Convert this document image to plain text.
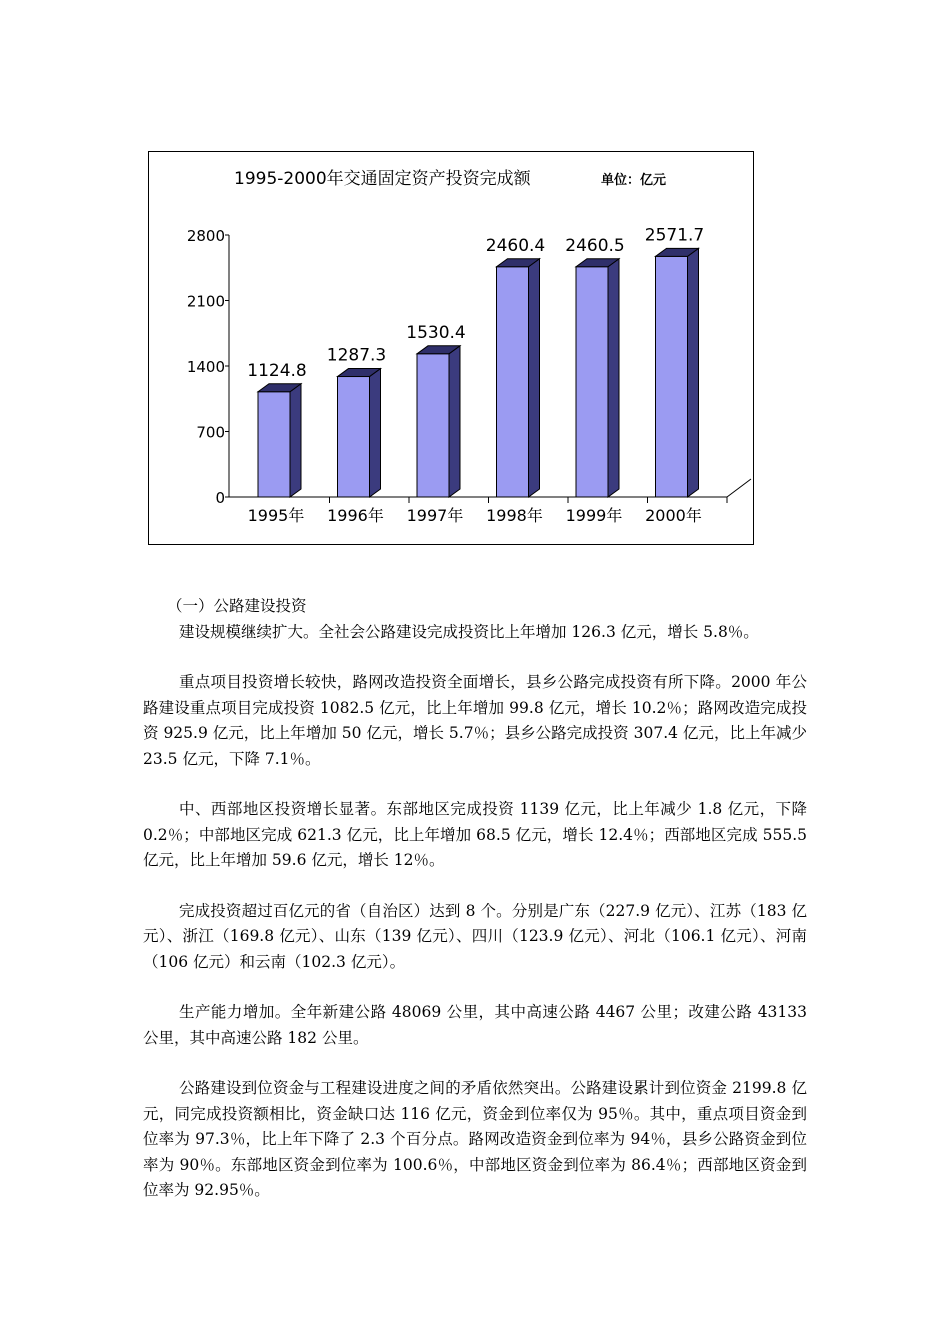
1995-2000年交通固定资产投资完成额	单位：亿元
0
700
1400
2100
2800
1124.8
1995年
1287.3
1996年
1530.4
1997年
2460.4
1998年
2460.5
1999年
2571.7
2000年

（一）公路建设投资

建设规模继续扩大。全社会公路建设完成投资比上年增加 126.3 亿元，增长 5.8％。

重点项目投资增长较快，路网改造投资全面增长，县乡公路完成投资有所下降。2000 年公路建设重点项目完成投资 1082.5 亿元，比上年增加 99.8 亿元，增长 10.2％；路网改造完成投资 925.9 亿元，比上年增加 50 亿元，增长 5.7％；县乡公路完成投资 307.4 亿元，比上年减少 23.5 亿元，下降 7.1％。

中、西部地区投资增长显著。东部地区完成投资 1139 亿元，比上年减少 1.8 亿元，下降 0.2％；中部地区完成 621.3 亿元，比上年增加 68.5 亿元，增长 12.4％；西部地区完成 555.5 亿元，比上年增加 59.6 亿元，增长 12％。

完成投资超过百亿元的省（自治区）达到 8 个。分别是广东（227.9 亿元）、江苏（183 亿元）、浙江（169.8 亿元）、山东（139 亿元）、四川（123.9 亿元）、河北（106.1 亿元）、河南（106 亿元）和云南（102.3 亿元）。

生产能力增加。全年新建公路 48069 公里，其中高速公路 4467 公里；改建公路 43133 公里，其中高速公路 182 公里。

公路建设到位资金与工程建设进度之间的矛盾依然突出。公路建设累计到位资金 2199.8 亿元，同完成投资额相比，资金缺口达 116 亿元，资金到位率仅为 95％。其中，重点项目资金到位率为 97.3％，比上年下降了 2.3 个百分点。路网改造资金到位率为 94％，县乡公路资金到位率为 90％。东部地区资金到位率为 100.6％，中部地区资金到位率为 86.4％；西部地区资金到位率为 92.95％。
